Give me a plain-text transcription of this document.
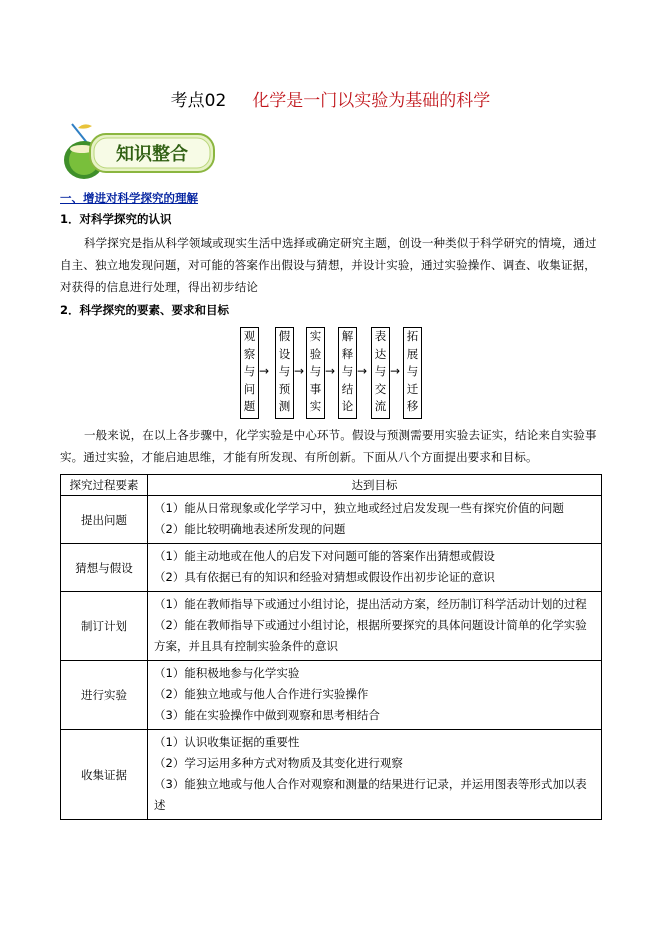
考点02 化学是一门以实验为基础的科学
知识整合
一、增进对科学探究的理解
1．对科学探究的认识
科学探究是指从科学领域或现实生活中选择或确定研究主题，创设一种类似于科学研究的情境，通过
自主、独立地发现问题，对可能的答案作出假设与猜想，并设计实验，通过实验操作、调查、收集证据，
对获得的信息进行处理，得出初步结论
2．科学探究的要素、要求和目标
观察与问题
→
假设与预测
→
实验与事实
→
解释与结论
→
表达与交流
→
拓展与迁移
一般来说，在以上各步骤中，化学实验是中心环节。假设与预测需要用实验去证实，结论来自实验事
实。通过实验，才能启迪思维，才能有所发现、有所创新。下面从八个方面提出要求和目标。
探究过程要素	达到目标
提出问题	（1）能从日常现象或化学学习中，独立地或经过启发发现一些有探究价值的问题
（2）能比较明确地表述所发现的问题

猜想与假设	（1）能主动地或在他人的启发下对问题可能的答案作出猜想或假设
（2）具有依据已有的知识和经验对猜想或假设作出初步论证的意识

制订计划	（1）能在教师指导下或通过小组讨论，提出活动方案，经历制订科学活动计划的过程
（2）能在教师指导下或通过小组讨论，根据所要探究的具体问题设计简单的化学实验方案，并且具有控制实验条件的意识

进行实验	（1）能积极地参与化学实验
（2）能独立地或与他人合作进行实验操作
（3）能在实验操作中做到观察和思考相结合

收集证据	（1）认识收集证据的重要性
（2）学习运用多种方式对物质及其变化进行观察
（3）能独立地或与他人合作对观察和测量的结果进行记录，并运用图表等形式加以表述
